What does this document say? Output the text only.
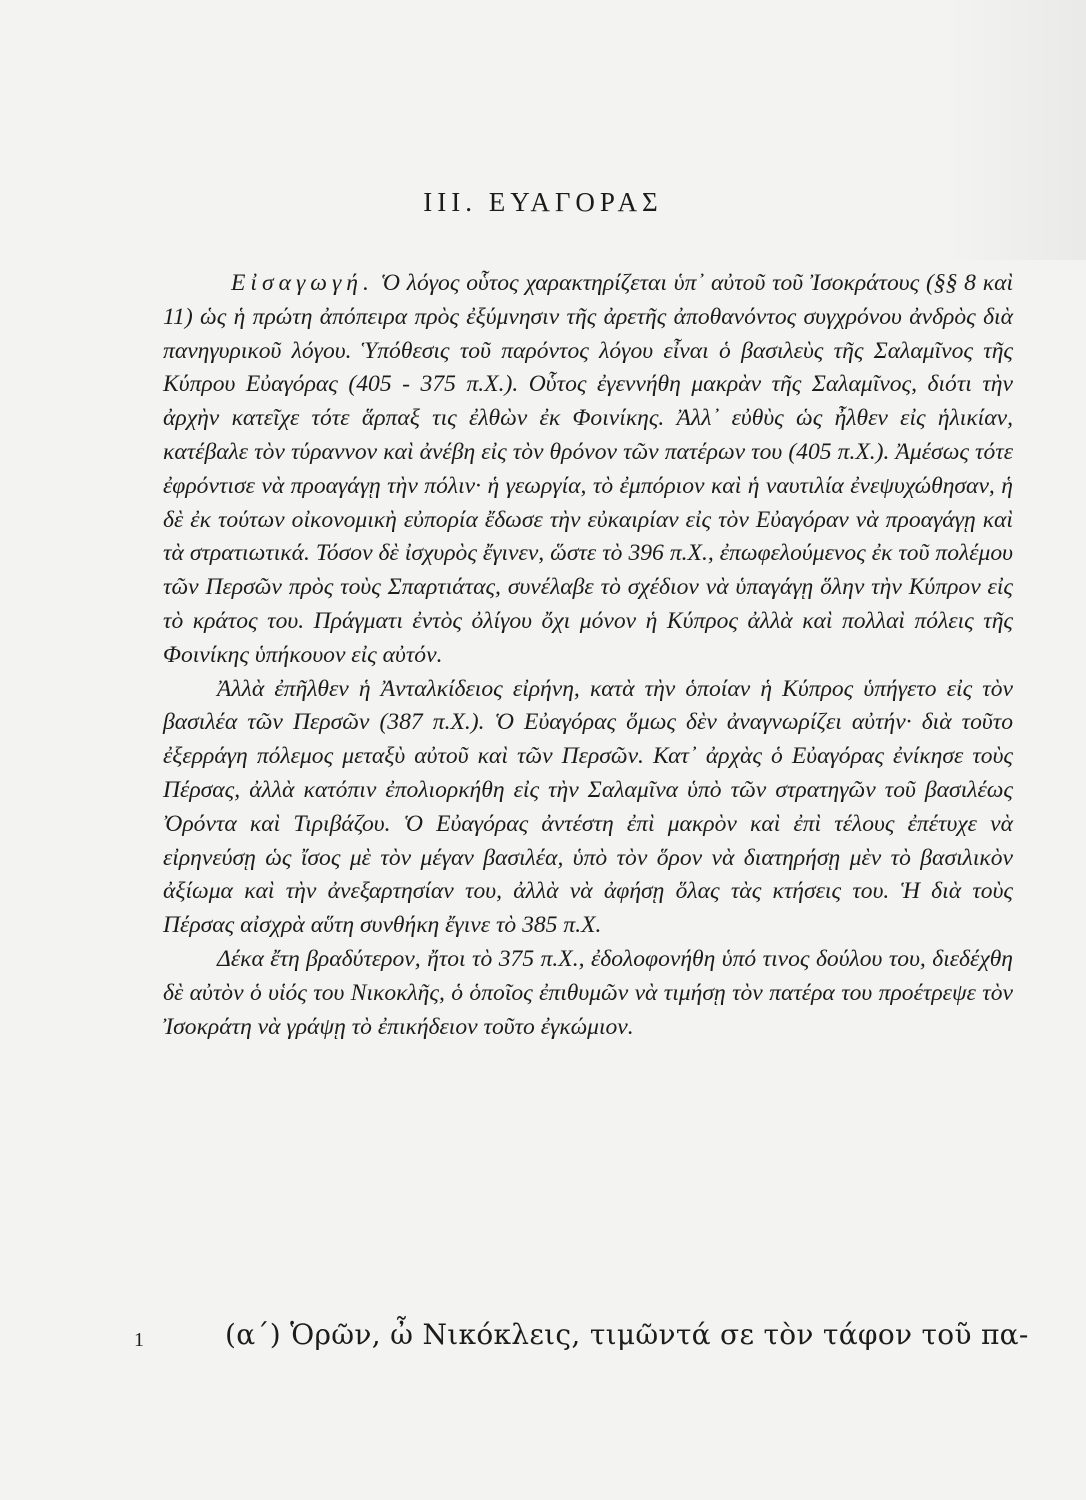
III. ΕΥΑΓΟΡΑΣ

Εἰσαγωγή. Ὁ λόγος οὗτος χαρακτηρίζεται ὑπ᾽ αὐτοῦ τοῦ Ἰσοκράτους (§§ 8 καὶ 11) ὡς ἡ πρώτη ἀπόπειρα πρὸς ἐξύμνησιν τῆς ἀρετῆς ἀποθανόντος συγχρόνου ἀνδρὸς διὰ πανηγυρικοῦ λόγου. Ὑπόθεσις τοῦ παρόντος λόγου εἶναι ὁ βασιλεὺς τῆς Σαλαμῖνος τῆς Κύπρου Εὐαγόρας (405 - 375 π.Χ.). Οὗτος ἐγεννήθη μακρὰν τῆς Σαλαμῖνος, διότι τὴν ἀρχὴν κατεῖχε τότε ἅρπαξ τις ἐλθὼν ἐκ Φοινίκης. Ἀλλ᾽ εὐθὺς ὡς ἦλθεν εἰς ἡλικίαν, κατέβαλε τὸν τύραννον καὶ ἀνέβη εἰς τὸν θρόνον τῶν πατέρων του (405 π.Χ.). Ἀμέσως τότε ἐφρόντισε νὰ προαγάγῃ τὴν πόλιν· ἡ γεωργία, τὸ ἐμπόριον καὶ ἡ ναυτιλία ἐνεψυχώθησαν, ἡ δὲ ἐκ τούτων οἰκονομικὴ εὐπορία ἔδωσε τὴν εὐκαιρίαν εἰς τὸν Εὐαγόραν νὰ προαγάγῃ καὶ τὰ στρατιωτικά. Τόσον δὲ ἰσχυρὸς ἔγινεν, ὥστε τὸ 396 π.Χ., ἐπωφελούμενος ἐκ τοῦ πολέμου τῶν Περσῶν πρὸς τοὺς Σπαρτιάτας, συνέλαβε τὸ σχέδιον νὰ ὑπαγάγῃ ὅλην τὴν Κύπρον εἰς τὸ κράτος του. Πράγματι ἐντὸς ὀλίγου ὄχι μόνον ἡ Κύπρος ἀλλὰ καὶ πολλαὶ πόλεις τῆς Φοινίκης ὑπήκουον εἰς αὐτόν.

Ἀλλὰ ἐπῆλθεν ἡ Ἀνταλκίδειος εἰρήνη, κατὰ τὴν ὁποίαν ἡ Κύπρος ὑπήγετο εἰς τὸν βασιλέα τῶν Περσῶν (387 π.Χ.). Ὁ Εὐαγόρας ὅμως δὲν ἀναγνωρίζει αὐτήν· διὰ τοῦτο ἐξερράγη πόλεμος μεταξὺ αὐτοῦ καὶ τῶν Περσῶν. Κατ᾽ ἀρχὰς ὁ Εὐαγόρας ἐνίκησε τοὺς Πέρσας, ἀλλὰ κατόπιν ἐπολιορκήθη εἰς τὴν Σαλαμῖνα ὑπὸ τῶν στρατηγῶν τοῦ βασιλέως Ὀρόντα καὶ Τιριβάζου. Ὁ Εὐαγόρας ἀντέστη ἐπὶ μακρὸν καὶ ἐπὶ τέλους ἐπέτυχε νὰ εἰρηνεύσῃ ὡς ἴσος μὲ τὸν μέγαν βασιλέα, ὑπὸ τὸν ὅρον νὰ διατηρήσῃ μὲν τὸ βασιλικὸν ἀξίωμα καὶ τὴν ἀνεξαρτησίαν του, ἀλλὰ νὰ ἀφήσῃ ὅλας τὰς κτήσεις του. Ἡ διὰ τοὺς Πέρσας αἰσχρὰ αὕτη συνθήκη ἔγινε τὸ 385 π.Χ.

Δέκα ἔτη βραδύτερον, ἤτοι τὸ 375 π.Χ., ἐδολοφονήθη ὑπό τινος δούλου του, διεδέχθη δὲ αὐτὸν ὁ υἱός του Νικοκλῆς, ὁ ὁποῖος ἐπιθυμῶν νὰ τιμήσῃ τὸν πατέρα του προέτρεψε τὸν Ἰσοκράτη νὰ γράψῃ τὸ ἐπικήδειον τοῦτο ἐγκώμιον.

1	(α΄) Ὁρῶν, ὦ Νικόκλεις, τιμῶντά σε τὸν τάφον τοῦ πα-
